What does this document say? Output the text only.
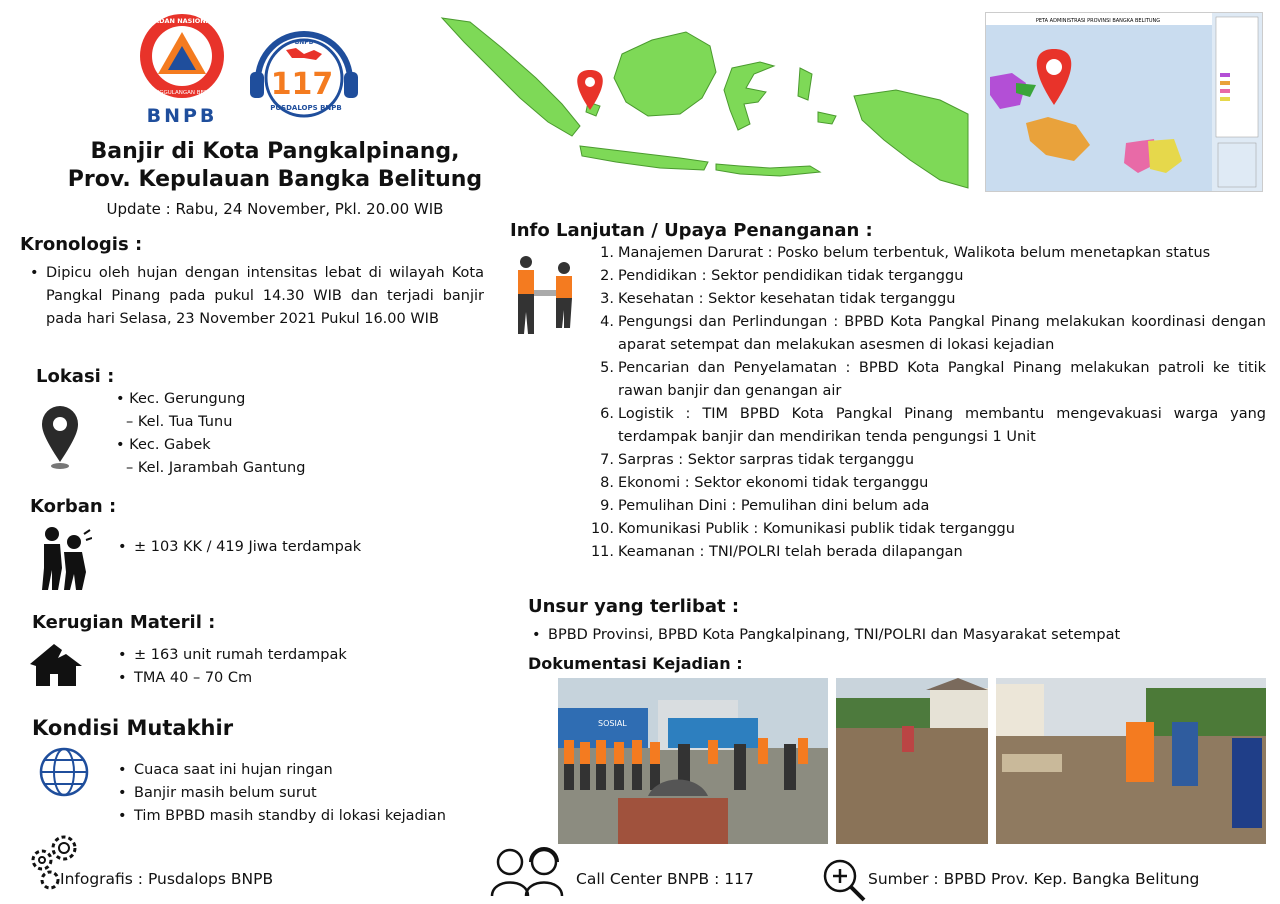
BADAN NASIONAL
PENANGGULANGAN BENCANA
BNPB
BNPB
117
PUSDALOPS BNPB
Banjir di Kota Pangkalpinang,
Prov. Kepulauan Bangka Belitung
Update : Rabu, 24 November, Pkl. 20.00 WIB
PETA ADMINISTRASI PROVINSI BANGKA BELITUNG
Kronologis :
• Dipicu oleh hujan dengan intensitas lebat di wilayah Kota Pangkal Pinang pada pukul 14.30 WIB dan terjadi banjir pada hari Selasa, 23 November 2021 Pukul 16.00 WIB
Lokasi :
• Kec. Gerungung
– Kel. Tua Tunu
• Kec. Gabek
– Kel. Jarambah Gantung
Korban :
• ± 103 KK / 419 Jiwa terdampak
Kerugian Materil :
• ± 163 unit rumah terdampak
• TMA 40 – 70 Cm
Kondisi Mutakhir
• Cuaca saat ini hujan ringan
• Banjir masih belum surut
• Tim BPBD masih standby di lokasi kejadian
Info Lanjutan / Upaya Penanganan :
1. Manajemen Darurat : Posko belum terbentuk, Walikota belum menetapkan status
2. Pendidikan : Sektor pendidikan tidak terganggu
3. Kesehatan : Sektor kesehatan tidak terganggu
4. Pengungsi dan Perlindungan : BPBD Kota Pangkal Pinang melakukan koordinasi dengan aparat setempat dan melakukan asesmen di lokasi kejadian
5. Pencarian dan Penyelamatan : BPBD Kota Pangkal Pinang melakukan patroli ke titik rawan banjir dan genangan air
6. Logistik : TIM BPBD Kota Pangkal Pinang membantu mengevakuasi warga yang terdampak banjir dan mendirikan tenda pengungsi 1 Unit
7. Sarpras : Sektor sarpras tidak terganggu
8. Ekonomi : Sektor ekonomi tidak terganggu
9. Pemulihan Dini : Pemulihan dini belum ada
10. Komunikasi Publik : Komunikasi publik tidak terganggu
11. Keamanan : TNI/POLRI telah berada dilapangan
Unsur yang terlibat :
• BPBD Provinsi, BPBD Kota Pangkalpinang, TNI/POLRI dan Masyarakat setempat
Dokumentasi Kejadian :
SOSIAL
Infografis : Pusdalops BNPB	Call Center BNPB : 117	Sumber : BPBD Prov. Kep. Bangka Belitung
